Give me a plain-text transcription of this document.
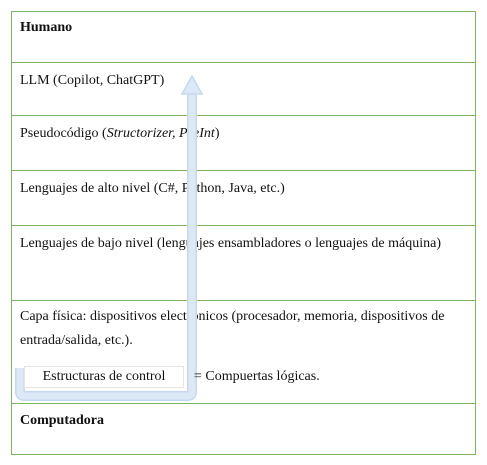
Humano
LLM (Copilot, ChatGPT)
Pseudocódigo (Structorizer, PseInt)
Lenguajes de alto nivel (C#, Python, Java, etc.)
Lenguajes de bajo nivel (lenguajes ensambladores o lenguajes de máquina)
Capa física: dispositivos electrónicos (procesador, memoria, dispositivos de entrada/salida, etc.).
Computadora
Estructuras de control	= Compuertas lógicas.
